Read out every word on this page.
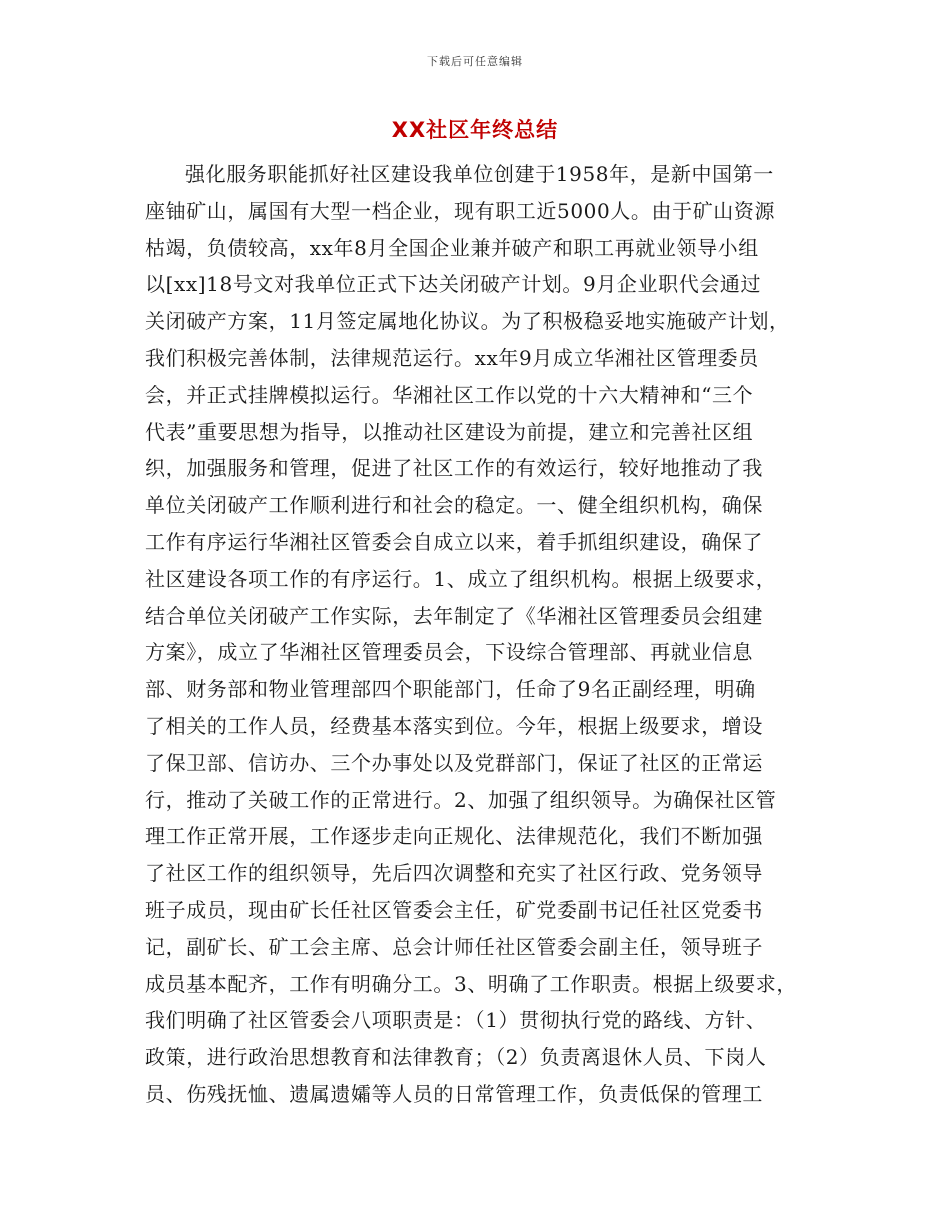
下载后可任意编辑
XX社区年终总结
强化服务职能抓好社区建设我单位创建于1958年，是新中国第一
座铀矿山，属国有大型一档企业，现有职工近5000人。由于矿山资源
枯竭，负债较高，xx年8月全国企业兼并破产和职工再就业领导小组
以[xx]18号文对我单位正式下达关闭破产计划。9月企业职代会通过
关闭破产方案，11月签定属地化协议。为了积极稳妥地实施破产计划，
我们积极完善体制，法律规范运行。xx年9月成立华湘社区管理委员
会，并正式挂牌模拟运行。华湘社区工作以党的十六大精神和“三个
代表”重要思想为指导，以推动社区建设为前提，建立和完善社区组
织，加强服务和管理，促进了社区工作的有效运行，较好地推动了我
单位关闭破产工作顺利进行和社会的稳定。一、健全组织机构，确保
工作有序运行华湘社区管委会自成立以来，着手抓组织建设，确保了
社区建设各项工作的有序运行。1、成立了组织机构。根据上级要求，
结合单位关闭破产工作实际，去年制定了《华湘社区管理委员会组建
方案》，成立了华湘社区管理委员会，下设综合管理部、再就业信息
部、财务部和物业管理部四个职能部门，任命了9名正副经理，明确
了相关的工作人员，经费基本落实到位。今年，根据上级要求，增设
了保卫部、信访办、三个办事处以及党群部门，保证了社区的正常运
行，推动了关破工作的正常进行。2、加强了组织领导。为确保社区管
理工作正常开展，工作逐步走向正规化、法律规范化，我们不断加强
了社区工作的组织领导，先后四次调整和充实了社区行政、党务领导
班子成员，现由矿长任社区管委会主任，矿党委副书记任社区党委书
记，副矿长、矿工会主席、总会计师任社区管委会副主任，领导班子
成员基本配齐，工作有明确分工。3、明确了工作职责。根据上级要求，
我们明确了社区管委会八项职责是：（1）贯彻执行党的路线、方针、
政策，进行政治思想教育和法律教育；（2）负责离退休人员、下岗人
员、伤残抚恤、遗属遗孀等人员的日常管理工作，负责低保的管理工
